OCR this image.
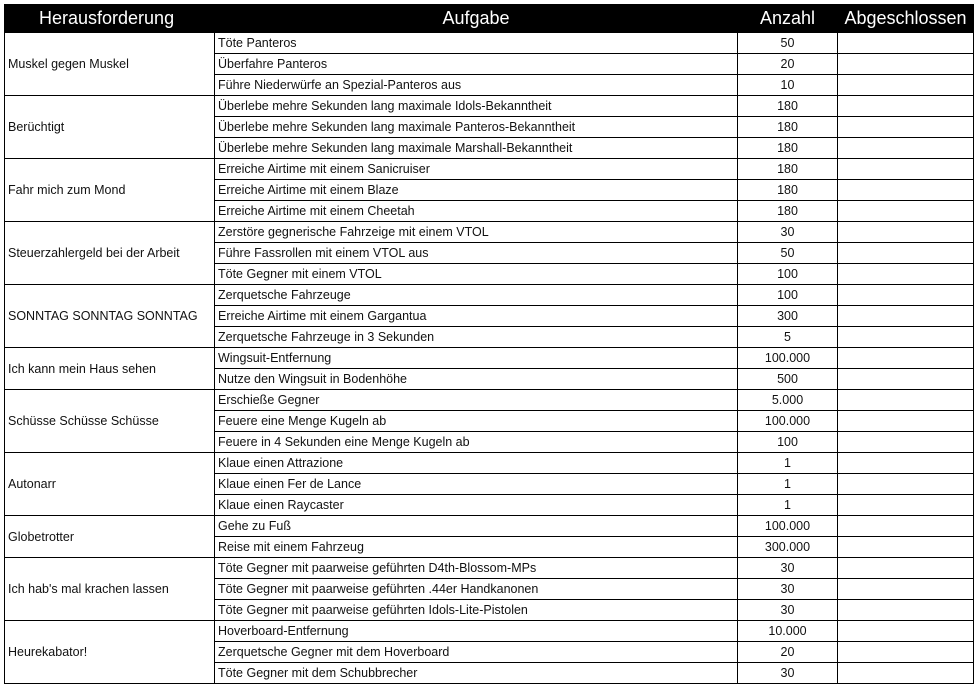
Herausforderung	Aufgabe	Anzahl	Abgeschlossen
Muskel gegen Muskel	Töte Panteros	50	
	Überfahre Panteros	20	
	Führe Niederwürfe an Spezial-Panteros aus	10	
Berüchtigt	Überlebe mehre Sekunden lang maximale Idols-Bekanntheit	180	
	Überlebe mehre Sekunden lang maximale Panteros-Bekanntheit	180	
	Überlebe mehre Sekunden lang maximale Marshall-Bekanntheit	180	
Fahr mich zum Mond	Erreiche Airtime mit einem Sanicruiser	180	
	Erreiche Airtime mit einem Blaze	180	
	Erreiche Airtime mit einem Cheetah	180	
Steuerzahlergeld bei der Arbeit	Zerstöre gegnerische Fahrzeige mit einem VTOL	30	
	Führe Fassrollen mit einem VTOL aus	50	
	Töte Gegner mit einem VTOL	100	
SONNTAG SONNTAG SONNTAG	Zerquetsche Fahrzeuge	100	
	Erreiche Airtime mit einem Gargantua	300	
	Zerquetsche Fahrzeuge in 3 Sekunden	5	
Ich kann mein Haus sehen	Wingsuit-Entfernung	100.000	
	Nutze den Wingsuit in Bodenhöhe	500	
Schüsse Schüsse Schüsse	Erschieße Gegner	5.000	
	Feuere eine Menge Kugeln ab	100.000	
	Feuere in 4 Sekunden eine Menge Kugeln ab	100	
Autonarr	Klaue einen Attrazione	1	
	Klaue einen Fer de Lance	1	
	Klaue einen Raycaster	1	
Globetrotter	Gehe zu Fuß	100.000	
	Reise mit einem Fahrzeug	300.000	
Ich hab's mal krachen lassen	Töte Gegner mit paarweise geführten D4th-Blossom-MPs	30	
	Töte Gegner mit paarweise geführten .44er Handkanonen	30	
	Töte Gegner mit paarweise geführten Idols-Lite-Pistolen	30	
Heurekabator!	Hoverboard-Entfernung	10.000	
	Zerquetsche Gegner mit dem Hoverboard	20	
	Töte Gegner mit dem Schubbrecher	30	
